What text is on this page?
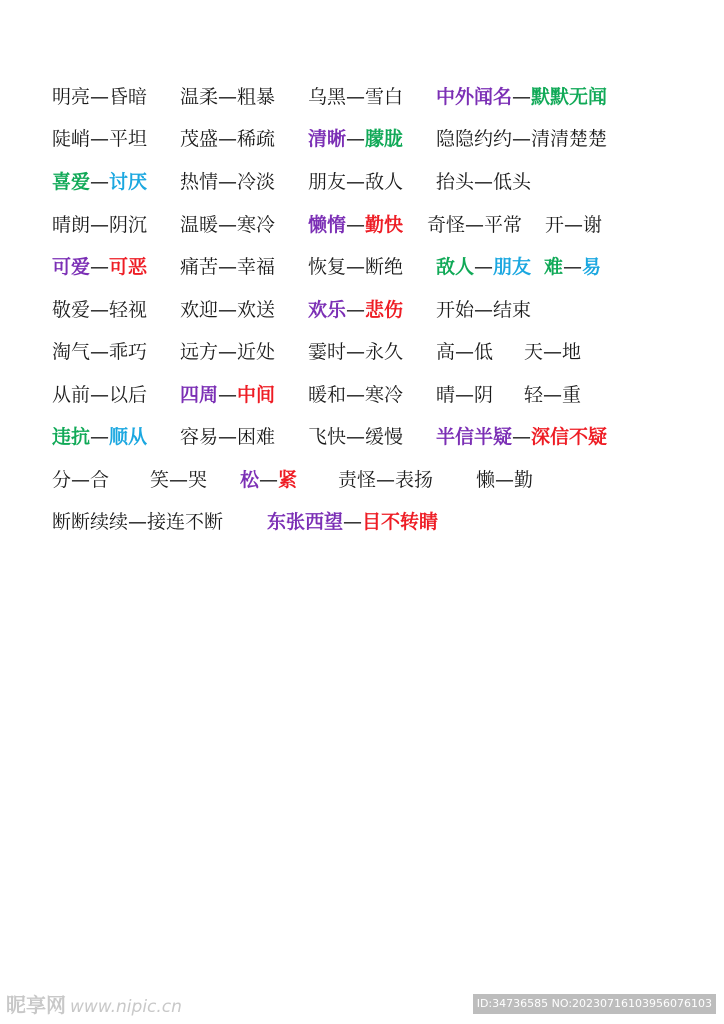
昵享网 www.nipic.cn	ID:34736585 NO:20230716103956076103
明亮—昏暗 温柔—粗暴 乌黑—雪白 中外闻名—默默无闻
陡峭—平坦 茂盛—稀疏 清晰—朦胧 隐隐约约—清清楚楚
喜爱—讨厌 热情—冷淡 朋友—敌人 抬头—低头
晴朗—阴沉 温暖—寒冷 懒惰—勤快 奇怪—平常 开—谢
可爱—可恶 痛苦—幸福 恢复—断绝 敌人—朋友 难—易
敬爱—轻视 欢迎—欢送 欢乐—悲伤 开始—结束
淘气—乖巧 远方—近处 霎时—永久 高—低 天—地
从前—以后 四周—中间 暖和—寒冷 晴—阴 轻—重
违抗—顺从 容易—困难 飞快—缓慢 半信半疑—深信不疑
分—合 笑—哭 松—紧 责怪—表扬 懒—勤
断断续续—接连不断 东张西望—目不转睛
